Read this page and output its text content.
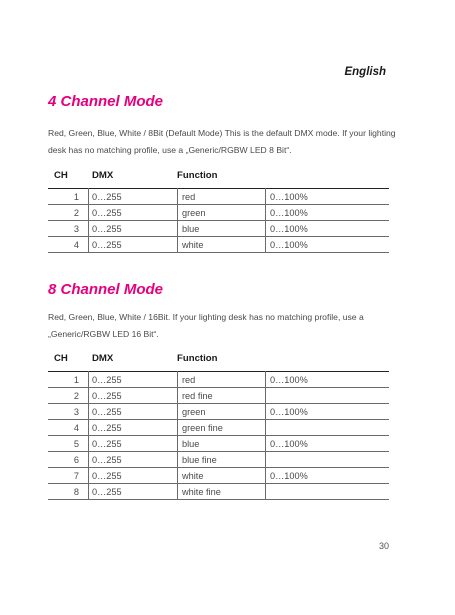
English
4 Channel Mode

Red, Green, Blue, White / 8Bit (Default Mode) This is the default DMX mode. If your lighting desk has no matching profile, use a „Generic/RGBW LED 8 Bit“.

CH	DMX	Function
1	0…255	red	0…100%
2	0…255	green	0…100%
3	0…255	blue	0…100%
4	0…255	white	0…100%
8 Channel Mode

Red, Green, Blue, White / 16Bit. If your lighting desk has no matching profile, use a „Generic/RGBW LED 16 Bit“.

CH	DMX	Function
1	0…255	red	0…100%
2	0…255	red fine	
3	0…255	green	0…100%
4	0…255	green fine	
5	0…255	blue	0…100%
6	0…255	blue fine	
7	0…255	white	0…100%
8	0…255	white fine	
30
